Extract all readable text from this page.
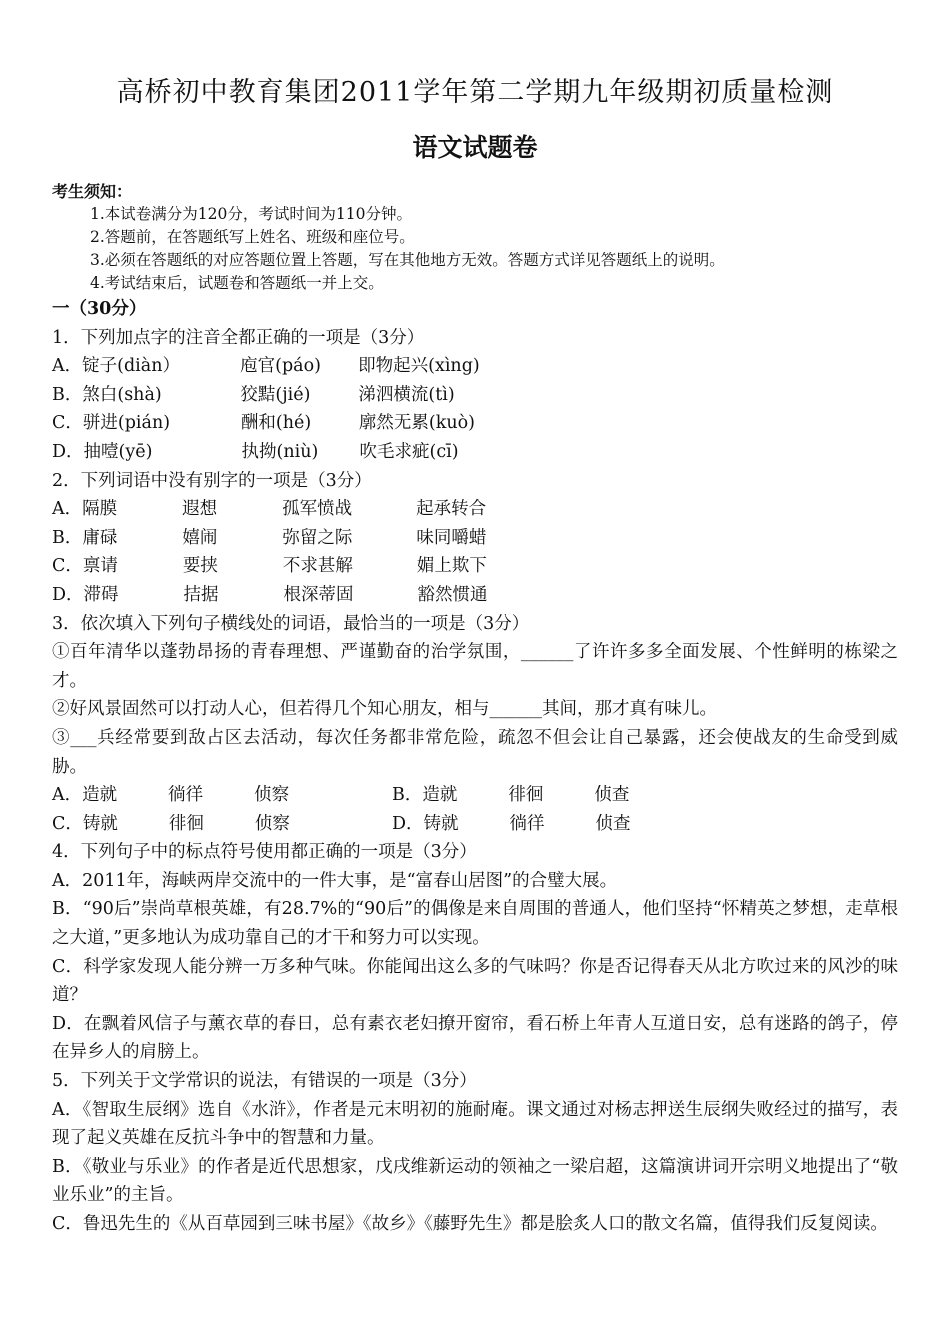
高桥初中教育集团2011学年第二学期九年级期初质量检测
语文试题卷
考生须知：
1.本试卷满分为120分，考试时间为110分钟。
2.答题前，在答题纸写上姓名、班级和座位号。
3.必须在答题纸的对应答题位置上答题，写在其他地方无效。答题方式详见答题纸上的说明。
4.考试结束后，试题卷和答题纸一并上交。
一（30分）
1．下列加点字的注音全都正确的一项是（3分）
A．锭子(diàn）	庖官(páo) 即物起兴(xìng)
B．煞白(shà)	狡黠(jié)	涕泗横流(tì)
C．骈进(pián)	酬和(hé)	廓然无累(kuò)
D．抽噎(yē)	执拗(niù) 吹毛求疵(cī)
2．下列词语中没有别字的一项是（3分）
A．隔膜	遐想	孤军愤战	起承转合
B．庸碌	嬉闹	弥留之际	味同嚼蜡
C．禀请	要挟	不求甚解	媚上欺下
D．滞碍	拮据	根深蒂固	豁然惯通
3．依次填入下列句子横线处的词语，最恰当的一项是（3分）
①百年清华以蓬勃昂扬的青春理想、严谨勤奋的治学氛围，______了许许多多全面发展、个性鲜明的栋梁之才。
②好风景固然可以打动人心，但若得几个知心朋友，相与______其间，那才真有味儿。
③___兵经常要到敌占区去活动，每次任务都非常危险，疏忽不但会让自己暴露，还会使战友的生命受到威胁。
A．造就	徜徉	侦察	B．造就	徘徊	侦查
C．铸就	徘徊	侦察	D．铸就	徜徉	侦查
4．下列句子中的标点符号使用都正确的一项是（3分）
A．2011年，海峡两岸交流中的一件大事，是“富春山居图”的合璧大展。
B．“90后”崇尚草根英雄，有28.7%的“90后”的偶像是来自周围的普通人，他们坚持“怀精英之梦想，走草根之大道，”更多地认为成功靠自己的才干和努力可以实现。
C．科学家发现人能分辨一万多种气味。你能闻出这么多的气味吗？你是否记得春天从北方吹过来的风沙的味道？
D．在飘着风信子与薰衣草的春日，总有素衣老妇撩开窗帘，看石桥上年青人互道日安，总有迷路的鸽子，停在异乡人的肩膀上。
5．下列关于文学常识的说法，有错误的一项是（3分）
A．《智取生辰纲》选自《水浒》，作者是元末明初的施耐庵。课文通过对杨志押送生辰纲失败经过的描写，表现了起义英雄在反抗斗争中的智慧和力量。
B．《敬业与乐业》的作者是近代思想家，戊戌维新运动的领袖之一梁启超，这篇演讲词开宗明义地提出了“敬业乐业”的主旨。
C．鲁迅先生的《从百草园到三味书屋》《故乡》《藤野先生》都是脍炙人口的散文名篇，值得我们反复阅读。
